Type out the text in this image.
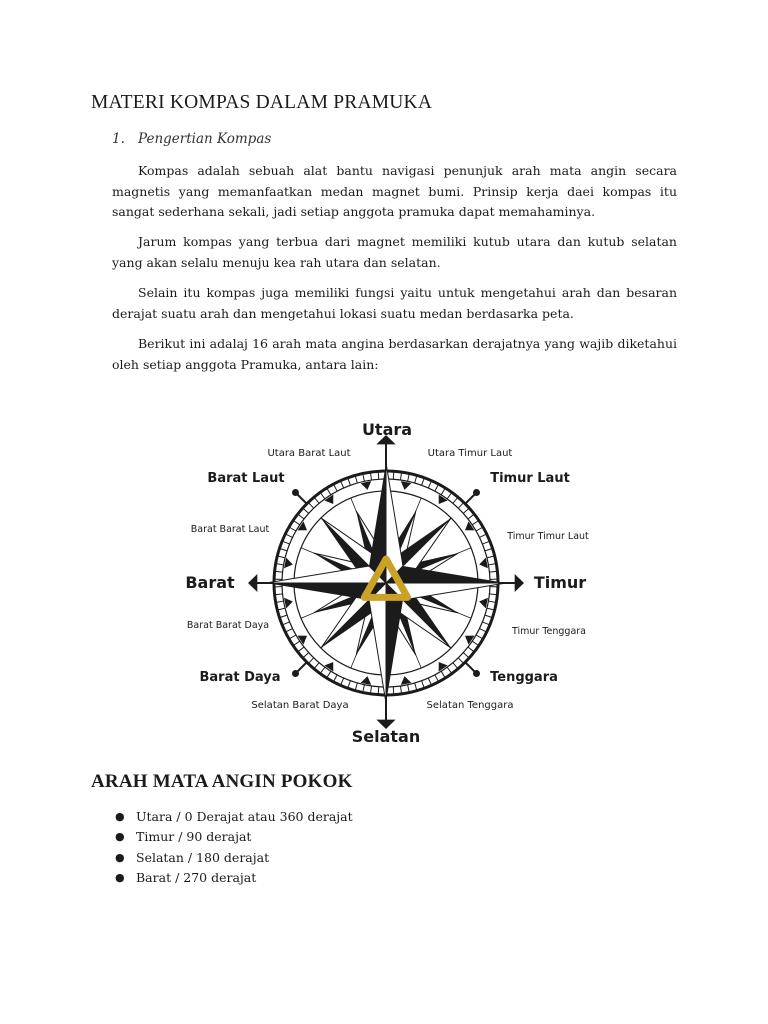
MATERI KOMPAS DALAM PRAMUKA
1. Pengertian Kompas

Kompas adalah sebuah alat bantu navigasi penunjuk arah mata angin secara magnetis yang memanfaatkan medan magnet bumi. Prinsip kerja daei kompas itu sangat sederhana sekali, jadi setiap anggota pramuka dapat memahaminya.

Jarum kompas yang terbua dari magnet memiliki kutub utara dan kutub selatan yang akan selalu menuju kea rah utara dan selatan.

Selain itu kompas juga memiliki fungsi yaitu untuk mengetahui arah dan besaran derajat suatu arah dan mengetahui lokasi suatu medan berdasarka peta.

Berikut ini adalaj 16 arah mata angina berdasarkan derajatnya yang wajib diketahui oleh setiap anggota Pramuka, antara lain:

Utara
Utara Barat Laut	Utara Timur Laut
Barat Laut	Timur Laut
Barat Barat Laut
Timur Timur Laut
Barat	Timur
Barat Barat Daya
Timur Tenggara
Barat Daya	Tenggara
Selatan Barat Daya	Selatan Tenggara
Selatan
ARAH MATA ANGIN POKOK
● Utara / 0 Derajat atau 360 derajat
● Timur / 90 derajat
● Selatan / 180 derajat
● Barat / 270 derajat
